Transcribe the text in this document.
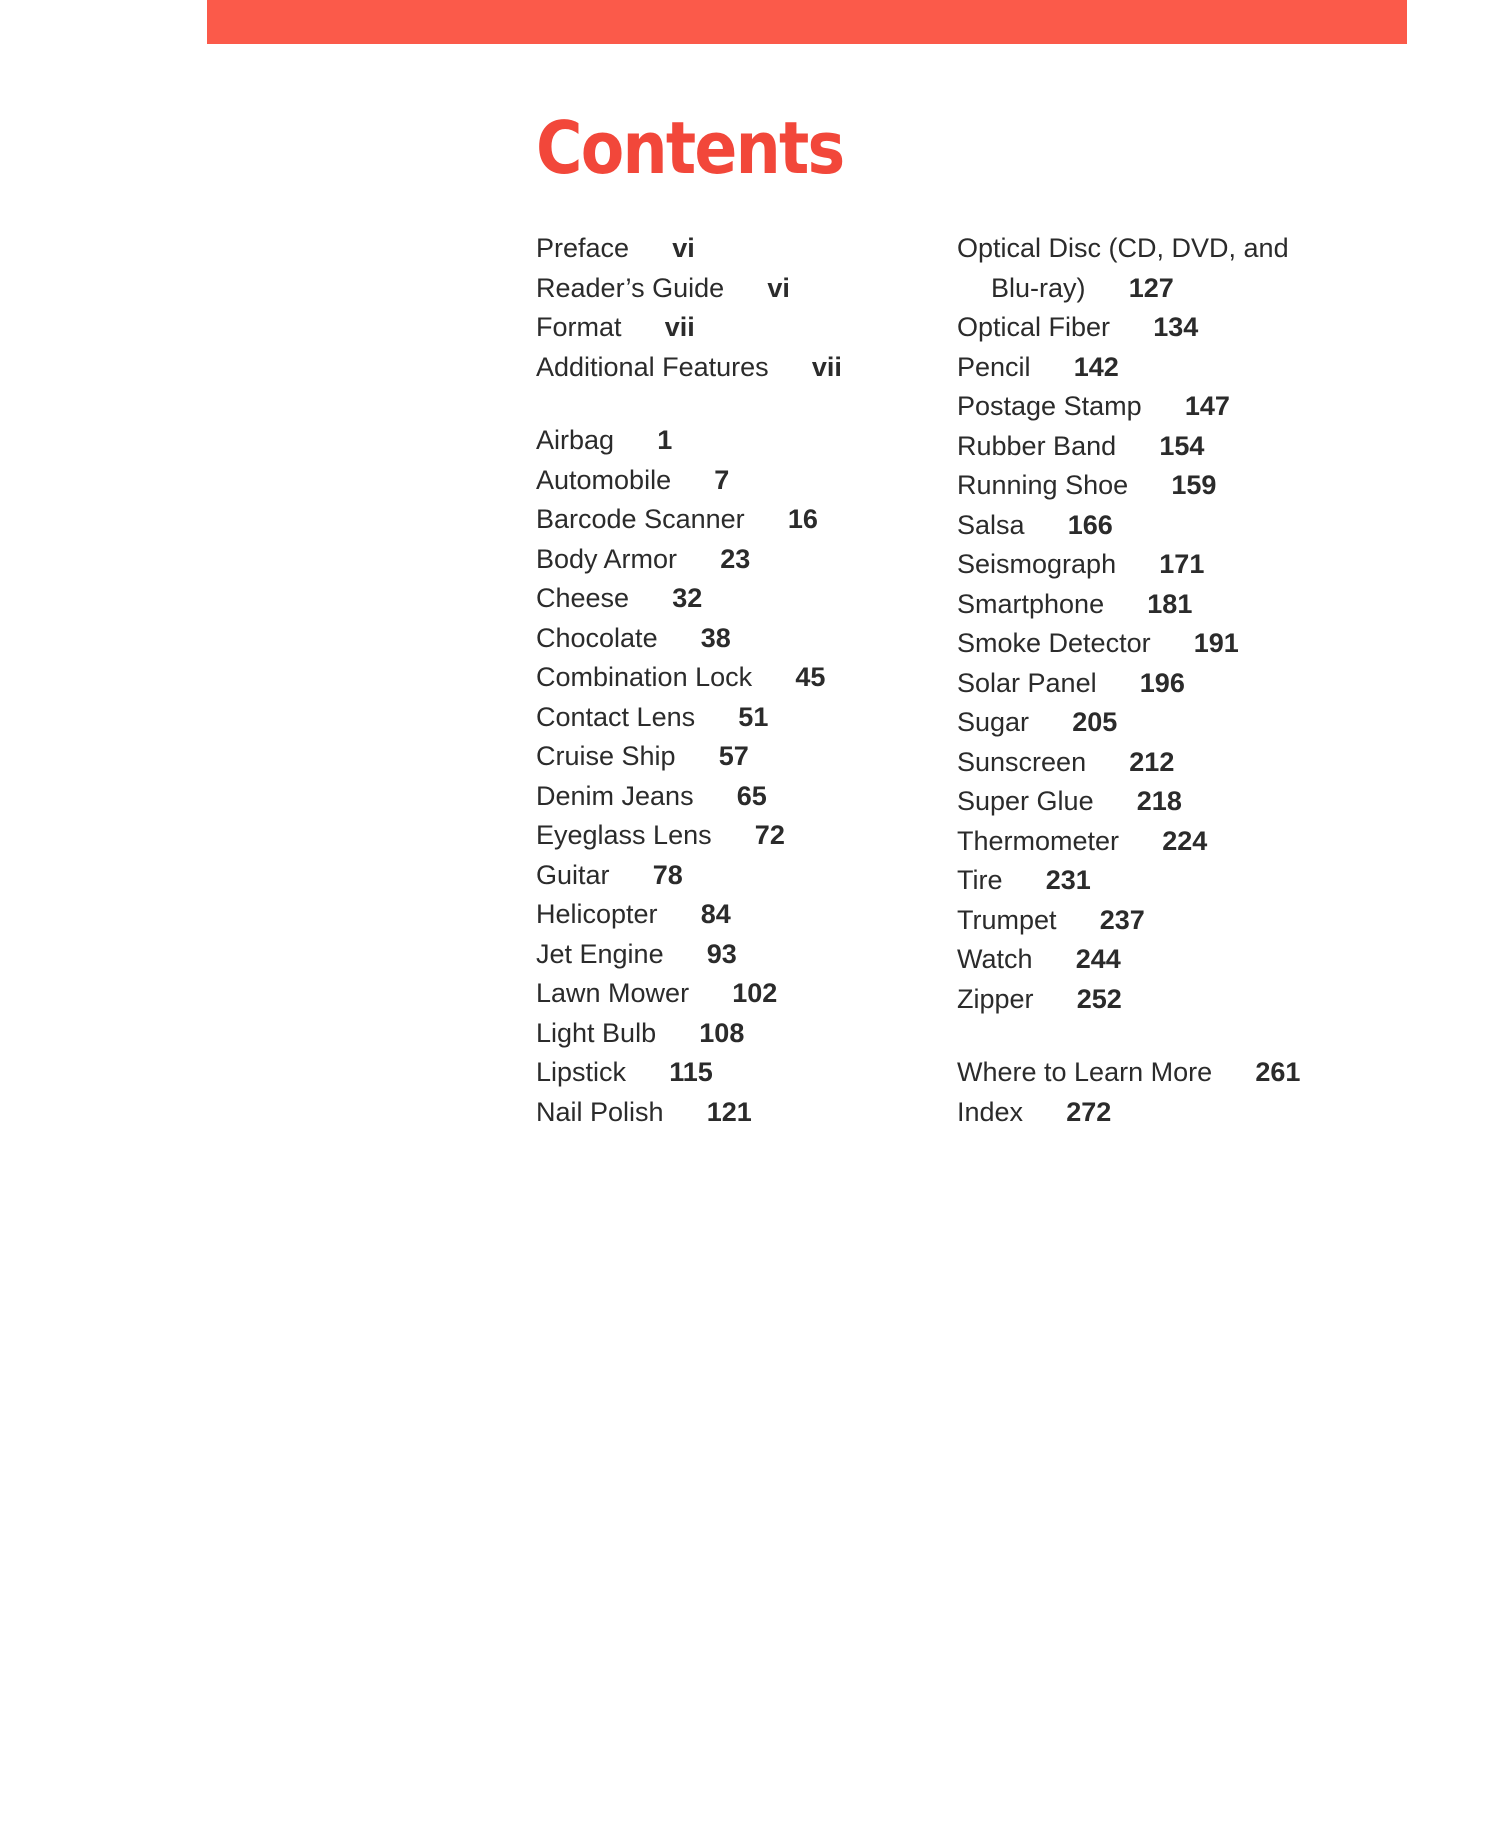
Contents
Preface vi
Reader’s Guide vi
Format vii
Additional Features vii
Airbag 1
Automobile 7
Barcode Scanner 16
Body Armor 23
Cheese 32
Chocolate 38
Combination Lock 45
Contact Lens 51
Cruise Ship 57
Denim Jeans 65
Eyeglass Lens 72
Guitar 78
Helicopter 84
Jet Engine 93
Lawn Mower 102
Light Bulb 108
Lipstick 115
Nail Polish 121
Optical Disc (CD, DVD, and
Blu-ray) 127
Optical Fiber 134
Pencil 142
Postage Stamp 147
Rubber Band 154
Running Shoe 159
Salsa 166
Seismograph 171
Smartphone 181
Smoke Detector 191
Solar Panel 196
Sugar 205
Sunscreen 212
Super Glue 218
Thermometer 224
Tire 231
Trumpet 237
Watch 244
Zipper 252
Where to Learn More 261
Index 272
